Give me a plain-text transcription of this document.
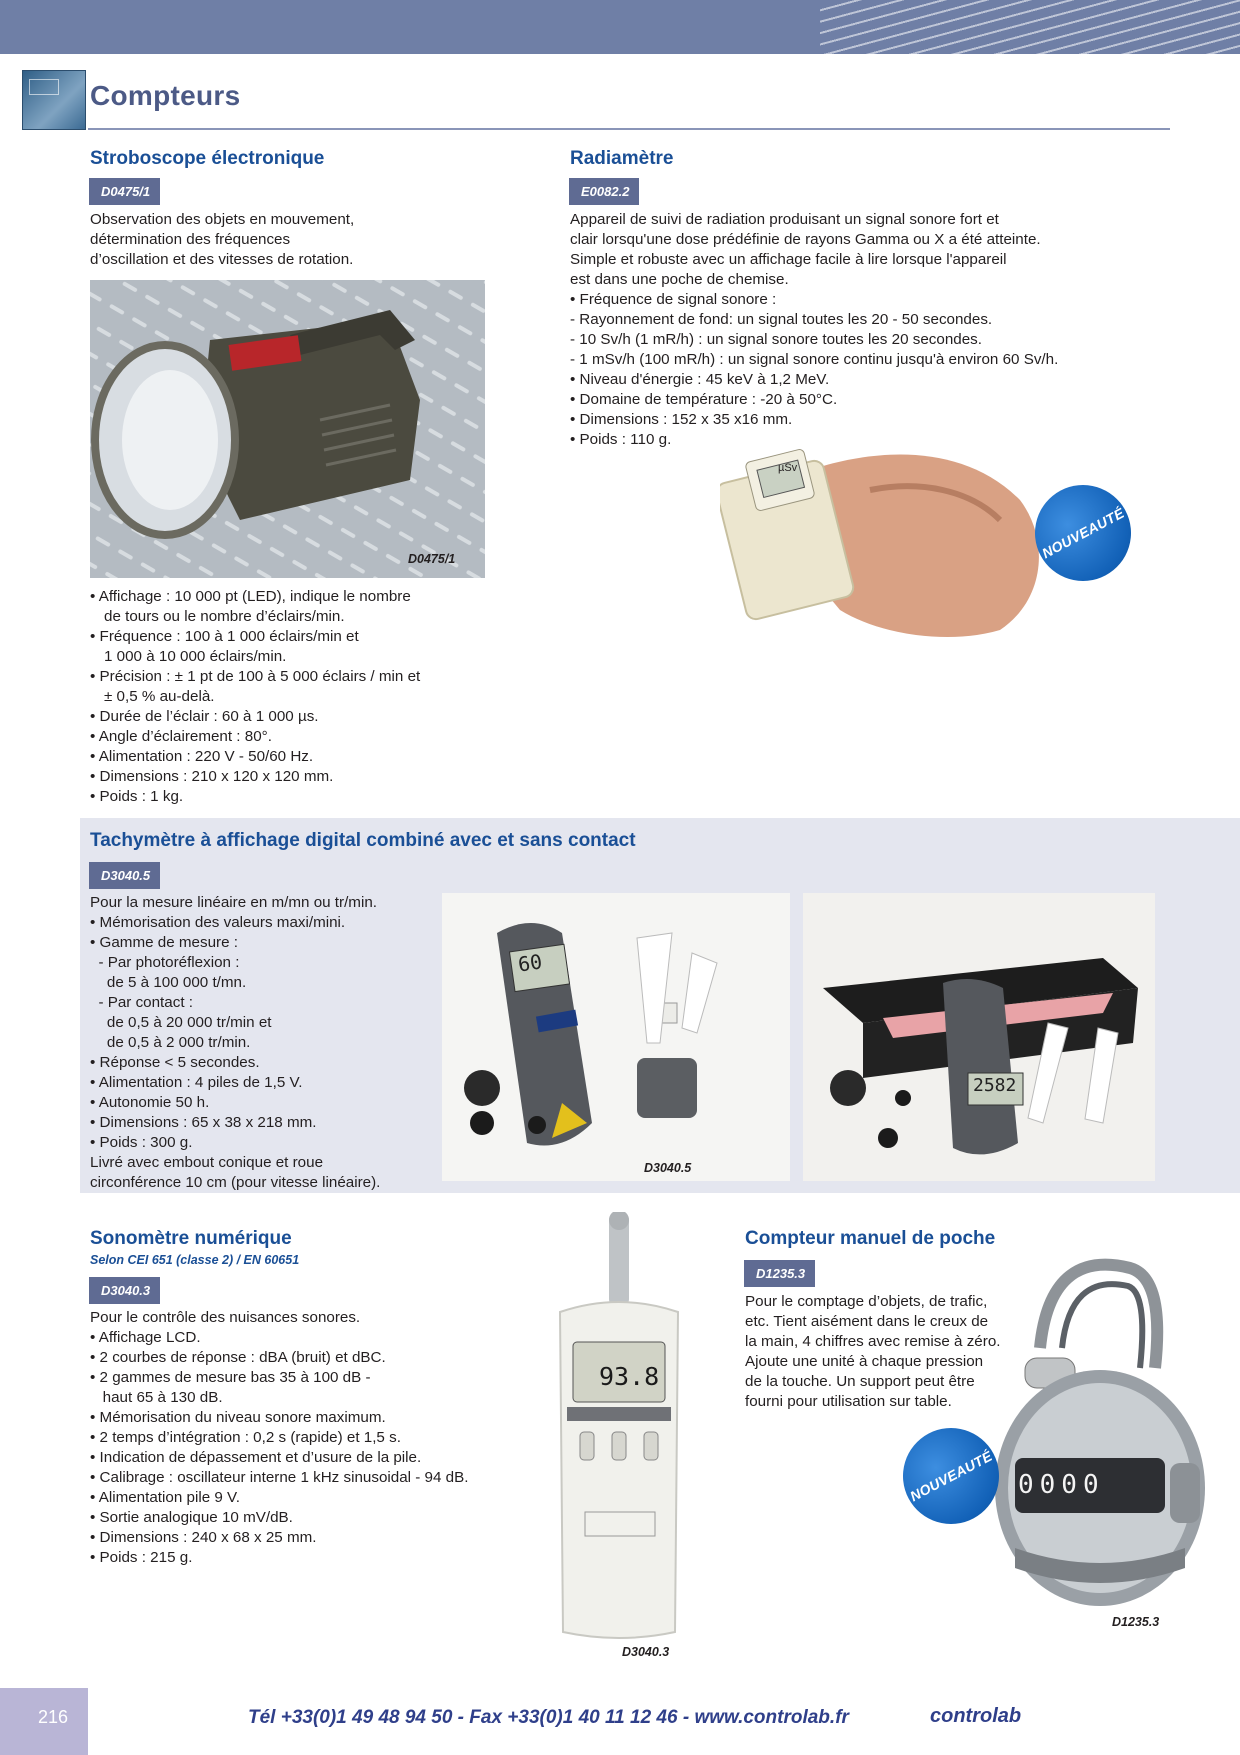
Compteurs
Stroboscope électronique
D0475/1
Observation des objets en mouvement,
détermination des fréquences
d’oscillation et des vitesses de rotation.
D0475/1
• Affichage : 10 000 pt (LED), indique le nombre
de tours ou le nombre d’éclairs/min.
• Fréquence : 100 à 1 000 éclairs/min et
1 000 à 10 000 éclairs/min.
• Précision : ± 1 pt de 100 à 5 000 éclairs / min et
± 0,5 % au-delà.
• Durée de l’éclair : 60 à 1 000 µs.
• Angle d’éclairement : 80°.
• Alimentation : 220 V - 50/60 Hz.
• Dimensions : 210 x 120 x 120 mm.
• Poids : 1 kg.
Radiamètre
E0082.2
Appareil de suivi de radiation produisant un signal sonore fort et
clair lorsqu'une dose prédéfinie de rayons Gamma ou X a été atteinte.
Simple et robuste avec un affichage facile à lire lorsque l'appareil
est dans une poche de chemise.
• Fréquence de signal sonore :
- Rayonnement de fond: un signal toutes les 20 - 50 secondes.
- 10 Sv/h (1 mR/h) : un signal sonore toutes les 20 secondes.
- 1 mSv/h (100 mR/h) : un signal sonore continu jusqu'à environ 60 Sv/h.
• Niveau d'énergie : 45 keV à 1,2 MeV.
• Domaine de température : -20 à 50°C.
• Dimensions : 152 x 35 x16 mm.
• Poids : 110 g.
µSv
NOUVEAUTÉ
Tachymètre à affichage digital combiné avec et sans contact
D3040.5
Pour la mesure linéaire en m/mn ou tr/min.
• Mémorisation des valeurs maxi/mini.
• Gamme de mesure :
- Par photoréflexion :
de 5 à 100 000 t/mn.
- Par contact :
de 0,5 à 20 000 tr/min et
de 0,5 à 2 000 tr/min.
• Réponse < 5 secondes.
• Alimentation : 4 piles de 1,5 V.
• Autonomie 50 h.
• Dimensions : 65 x 38 x 218 mm.
• Poids : 300 g.
Livré avec embout conique et roue
circonférence 10 cm (pour vitesse linéaire).
60
D3040.5
2582
Sonomètre numérique
Selon CEI 651 (classe 2) / EN 60651
D3040.3
Pour le contrôle des nuisances sonores.
• Affichage LCD.
• 2 courbes de réponse : dBA (bruit) et dBC.
• 2 gammes de mesure bas 35 à 100 dB -
haut 65 à 130 dB.
• Mémorisation du niveau sonore maximum.
• 2 temps d’intégration : 0,2 s (rapide) et 1,5 s.
• Indication de dépassement et d’usure de la pile.
• Calibrage : oscillateur interne 1 kHz sinusoidal - 94 dB.
• Alimentation pile 9 V.
• Sortie analogique 10 mV/dB.
• Dimensions : 240 x 68 x 25 mm.
• Poids : 215 g.
93.8
D3040.3
Compteur manuel de poche
D1235.3
Pour le comptage d’objets, de trafic,
etc. Tient aisément dans le creux de
la main, 4 chiffres avec remise à zéro.
Ajoute une unité à chaque pression
de la touche. Un support peut être
fourni pour utilisation sur table.
0000
NOUVEAUTÉ
D1235.3
216	Tél +33(0)1 49 48 94 50 - Fax +33(0)1 40 11 12 46 - www.controlab.fr	controlab
